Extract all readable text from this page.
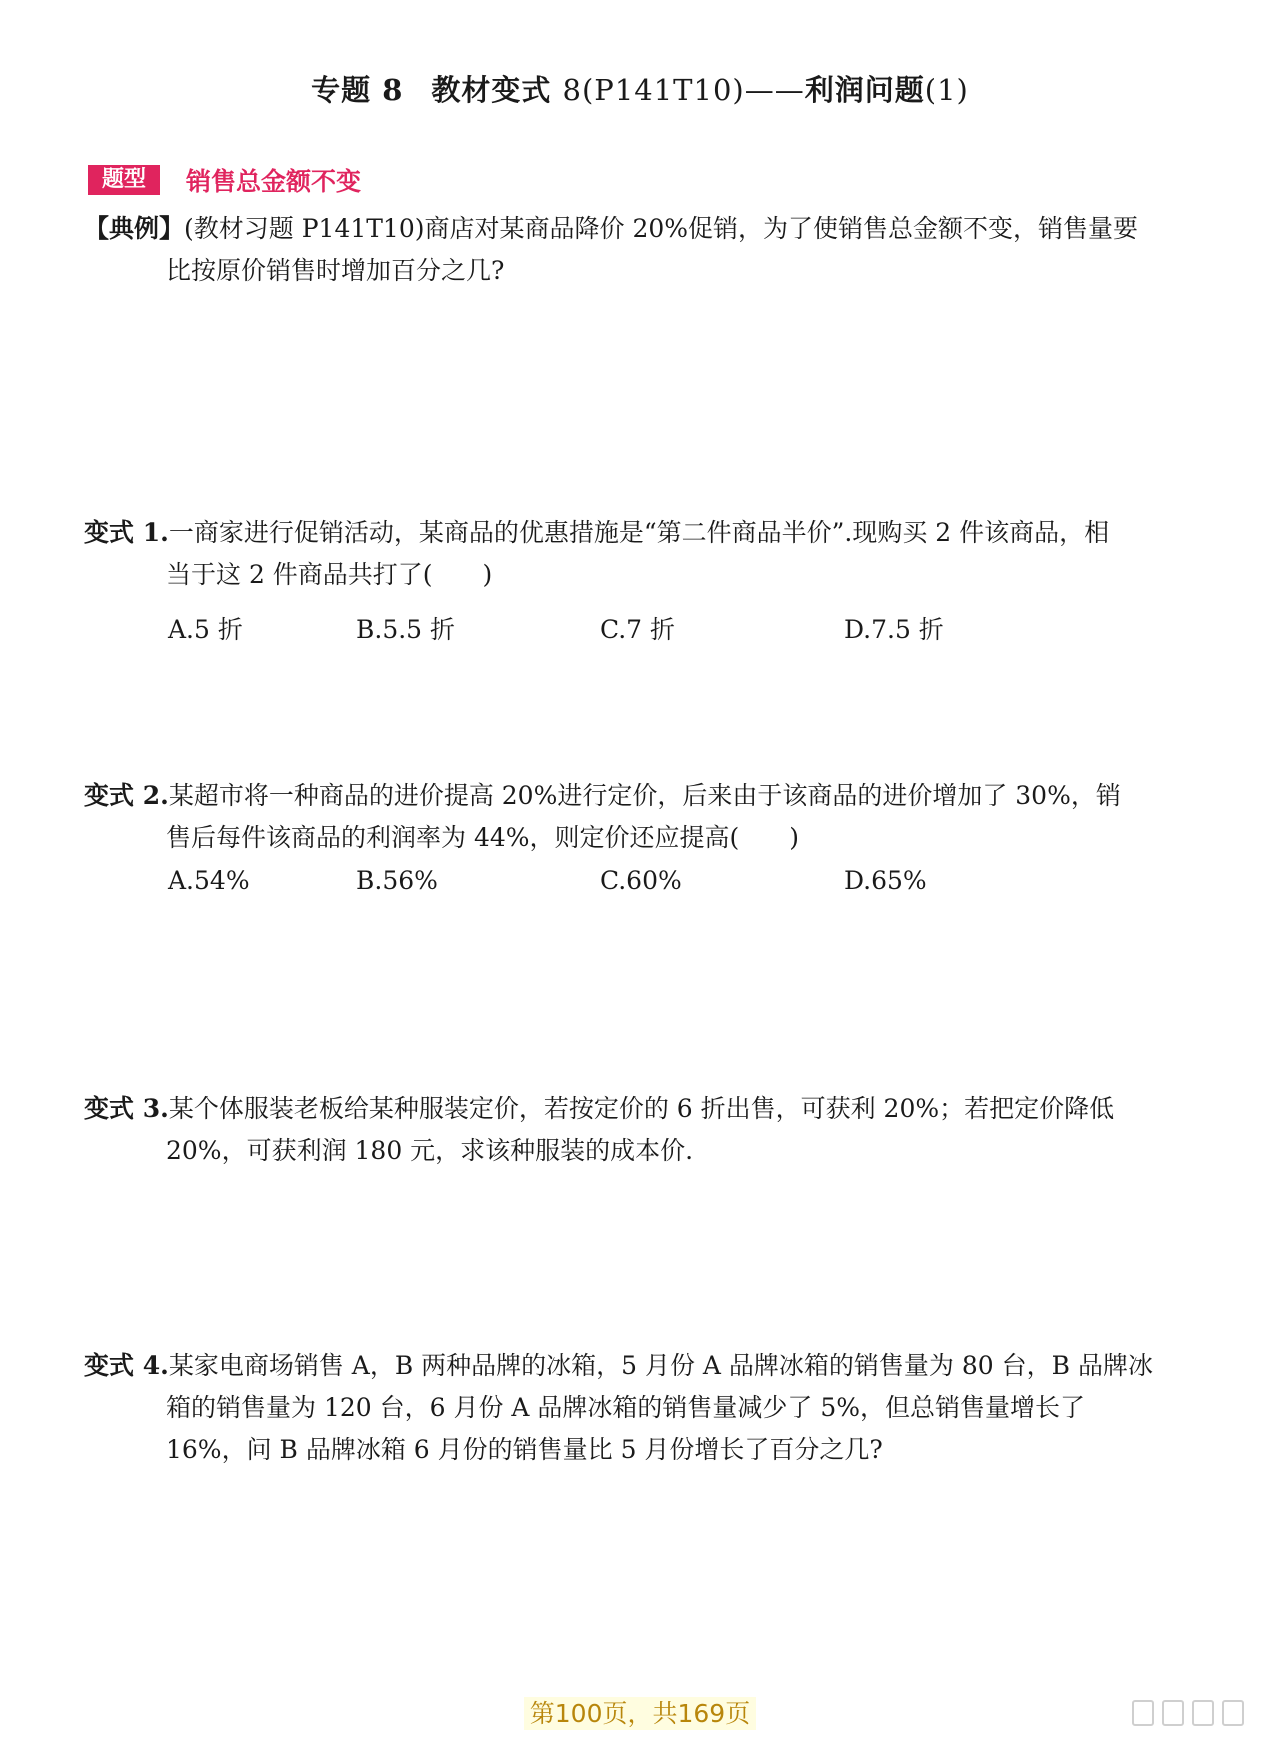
专题 8 教材变式 8(P141T10)——利润问题(1)
题型	销售总金额不变
【典例】(教材习题 P141T10)商店对某商品降价 20%促销，为了使销售总金额不变，销售量要
比按原价销售时增加百分之几?
变式 1.一商家进行促销活动，某商品的优惠措施是“第二件商品半价”.现购买 2 件该商品，相
当于这 2 件商品共打了(　　)
A.5 折	B.5.5 折	C.7 折	D.7.5 折
变式 2.某超市将一种商品的进价提高 20%进行定价，后来由于该商品的进价增加了 30%，销
售后每件该商品的利润率为 44%，则定价还应提高(　　)
A.54%	B.56%	C.60%	D.65%
变式 3.某个体服装老板给某种服装定价，若按定价的 6 折出售，可获利 20%；若把定价降低
20%，可获利润 180 元，求该种服装的成本价.
变式 4.某家电商场销售 A，B 两种品牌的冰箱，5 月份 A 品牌冰箱的销售量为 80 台，B 品牌冰
箱的销售量为 120 台，6 月份 A 品牌冰箱的销售量减少了 5%，但总销售量增长了
16%，问 B 品牌冰箱 6 月份的销售量比 5 月份增长了百分之几?
第100页，共169页
